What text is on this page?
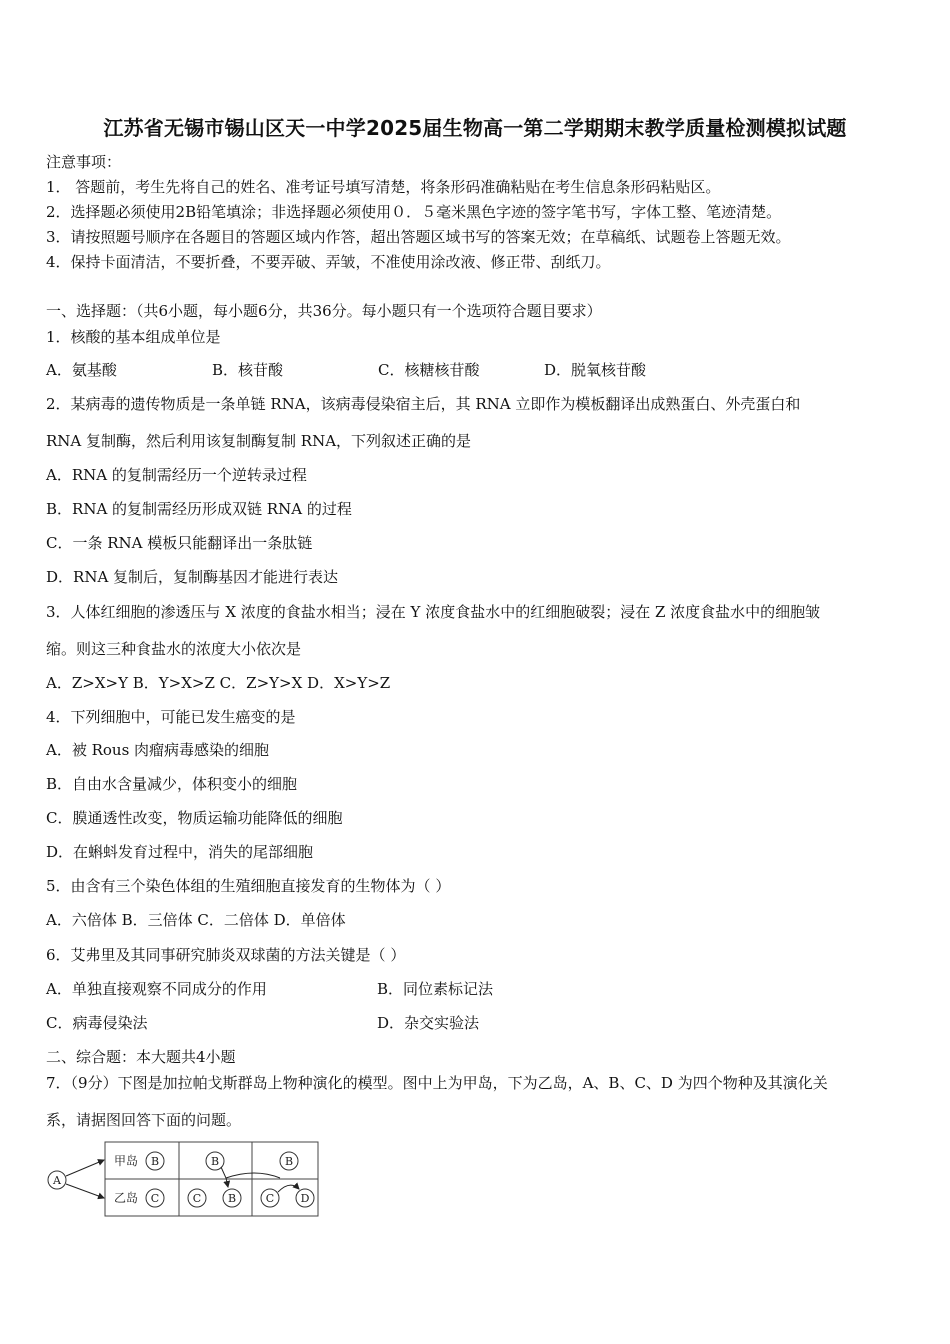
江苏省无锡市锡山区天一中学2025届生物高一第二学期期末教学质量检测模拟试题
注意事项：
1． 答题前，考生先将自己的姓名、准考证号填写清楚，将条形码准确粘贴在考生信息条形码粘贴区。
2．选择题必须使用2B铅笔填涂；非选择题必须使用０．５毫米黑色字迹的签字笔书写，字体工整、笔迹清楚。
3．请按照题号顺序在各题目的答题区域内作答，超出答题区域书写的答案无效；在草稿纸、试题卷上答题无效。
4．保持卡面清洁，不要折叠，不要弄破、弄皱，不准使用涂改液、修正带、刮纸刀。
一、选择题：（共6小题，每小题6分，共36分。每小题只有一个选项符合题目要求）
1．核酸的基本组成单位是
A．氨基酸	B．核苷酸	C．核糖核苷酸	D．脱氧核苷酸
2．某病毒的遗传物质是一条单链 RNA，该病毒侵染宿主后，其 RNA 立即作为模板翻译出成熟蛋白、外壳蛋白和
RNA 复制酶，然后利用该复制酶复制 RNA，下列叙述正确的是
A．RNA 的复制需经历一个逆转录过程
B．RNA 的复制需经历形成双链 RNA 的过程
C．一条 RNA 模板只能翻译出一条肽链
D．RNA 复制后，复制酶基因才能进行表达
3．人体红细胞的渗透压与 X 浓度的食盐水相当；浸在 Y 浓度食盐水中的红细胞破裂；浸在 Z 浓度食盐水中的细胞皱
缩。则这三种食盐水的浓度大小依次是
A．Z>X>Y B．Y>X>Z C．Z>Y>X D．X>Y>Z
4．下列细胞中，可能已发生癌变的是
A．被 Rous 肉瘤病毒感染的细胞
B．自由水含量减少，体积变小的细胞
C．膜通透性改变，物质运输功能降低的细胞
D．在蝌蚪发育过程中，消失的尾部细胞
5．由含有三个染色体组的生殖细胞直接发育的生物体为（ ）
A．六倍体 B．三倍体 C．二倍体 D．单倍体
6．艾弗里及其同事研究肺炎双球菌的方法关键是（ ）
A．单独直接观察不同成分的作用	B．同位素标记法
C．病毒侵染法	D．杂交实验法
二、综合题：本大题共4小题
7．（9分）下图是加拉帕戈斯群岛上物种演化的模型。图中上为甲岛，下为乙岛，A、B、C、D 为四个物种及其演化关
系，请据图回答下面的问题。
A
甲岛 B
乙岛 C
B
C B
B
C D
